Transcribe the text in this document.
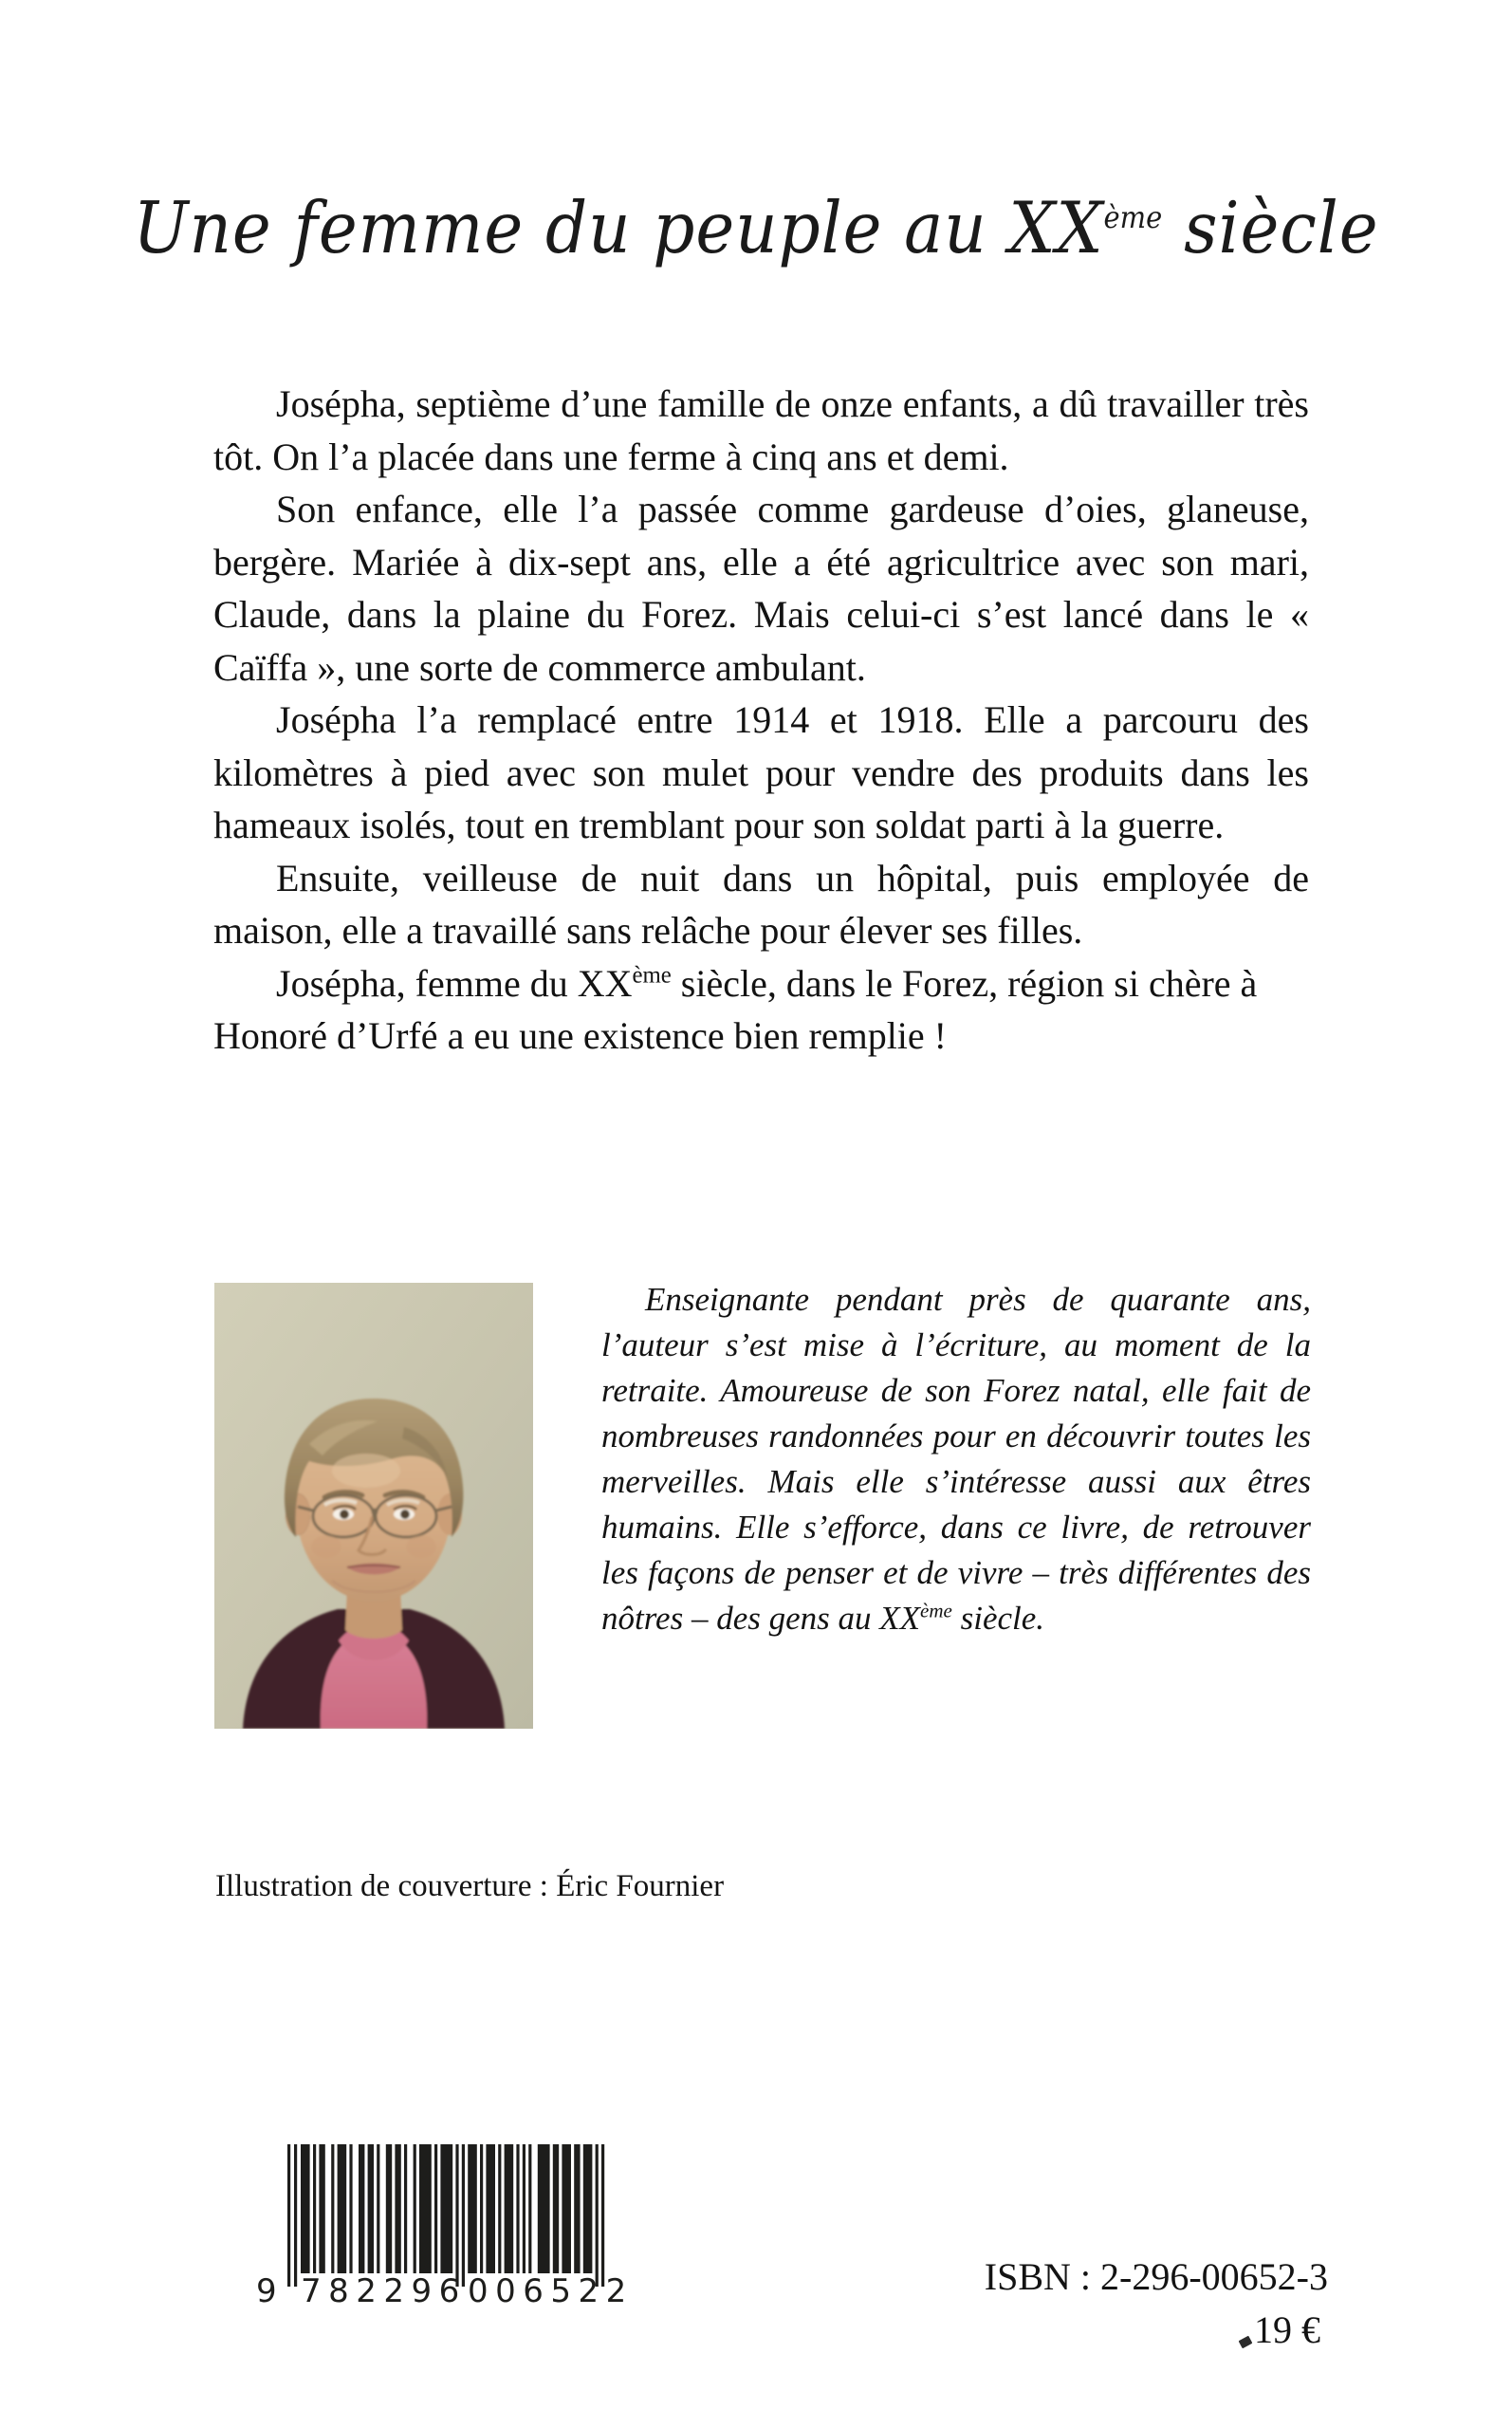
Une femme du peuple au XXème siècle

Josépha, septième d’une famille de onze enfants, a dû travailler très tôt. On l’a placée dans une ferme à cinq ans et demi.

Son enfance, elle l’a passée comme gardeuse d’oies, glaneuse, bergère. Mariée à dix-sept ans, elle a été agricultrice avec son mari, Claude, dans la plaine du Forez. Mais celui-ci s’est lancé dans le « Caïffa », une sorte de commerce ambulant.

Josépha l’a remplacé entre 1914 et 1918. Elle a parcouru des kilomètres à pied avec son mulet pour vendre des produits dans les hameaux isolés, tout en tremblant pour son soldat parti à la guerre.

Ensuite, veilleuse de nuit dans un hôpital, puis employée de maison, elle a travaillé sans relâche pour élever ses filles.

Josépha, femme du XXème siècle, dans le Forez, région si chère à Honoré d’Urfé a eu une existence bien remplie !

Enseignante pendant près de quarante ans, l’auteur s’est mise à l’écriture, au moment de la retraite. Amoureuse de son Forez natal, elle fait de nombreuses randonnées pour en découvrir toutes les merveilles. Mais elle s’intéresse aussi aux êtres humains. Elle s’efforce, dans ce livre, de retrouver les façons de penser et de vivre – très différentes des nôtres – des gens au XXème siècle.

Illustration de couverture : Éric Fournier
9 782296 006522	ISBN : 2-296-00652-3
19 €
